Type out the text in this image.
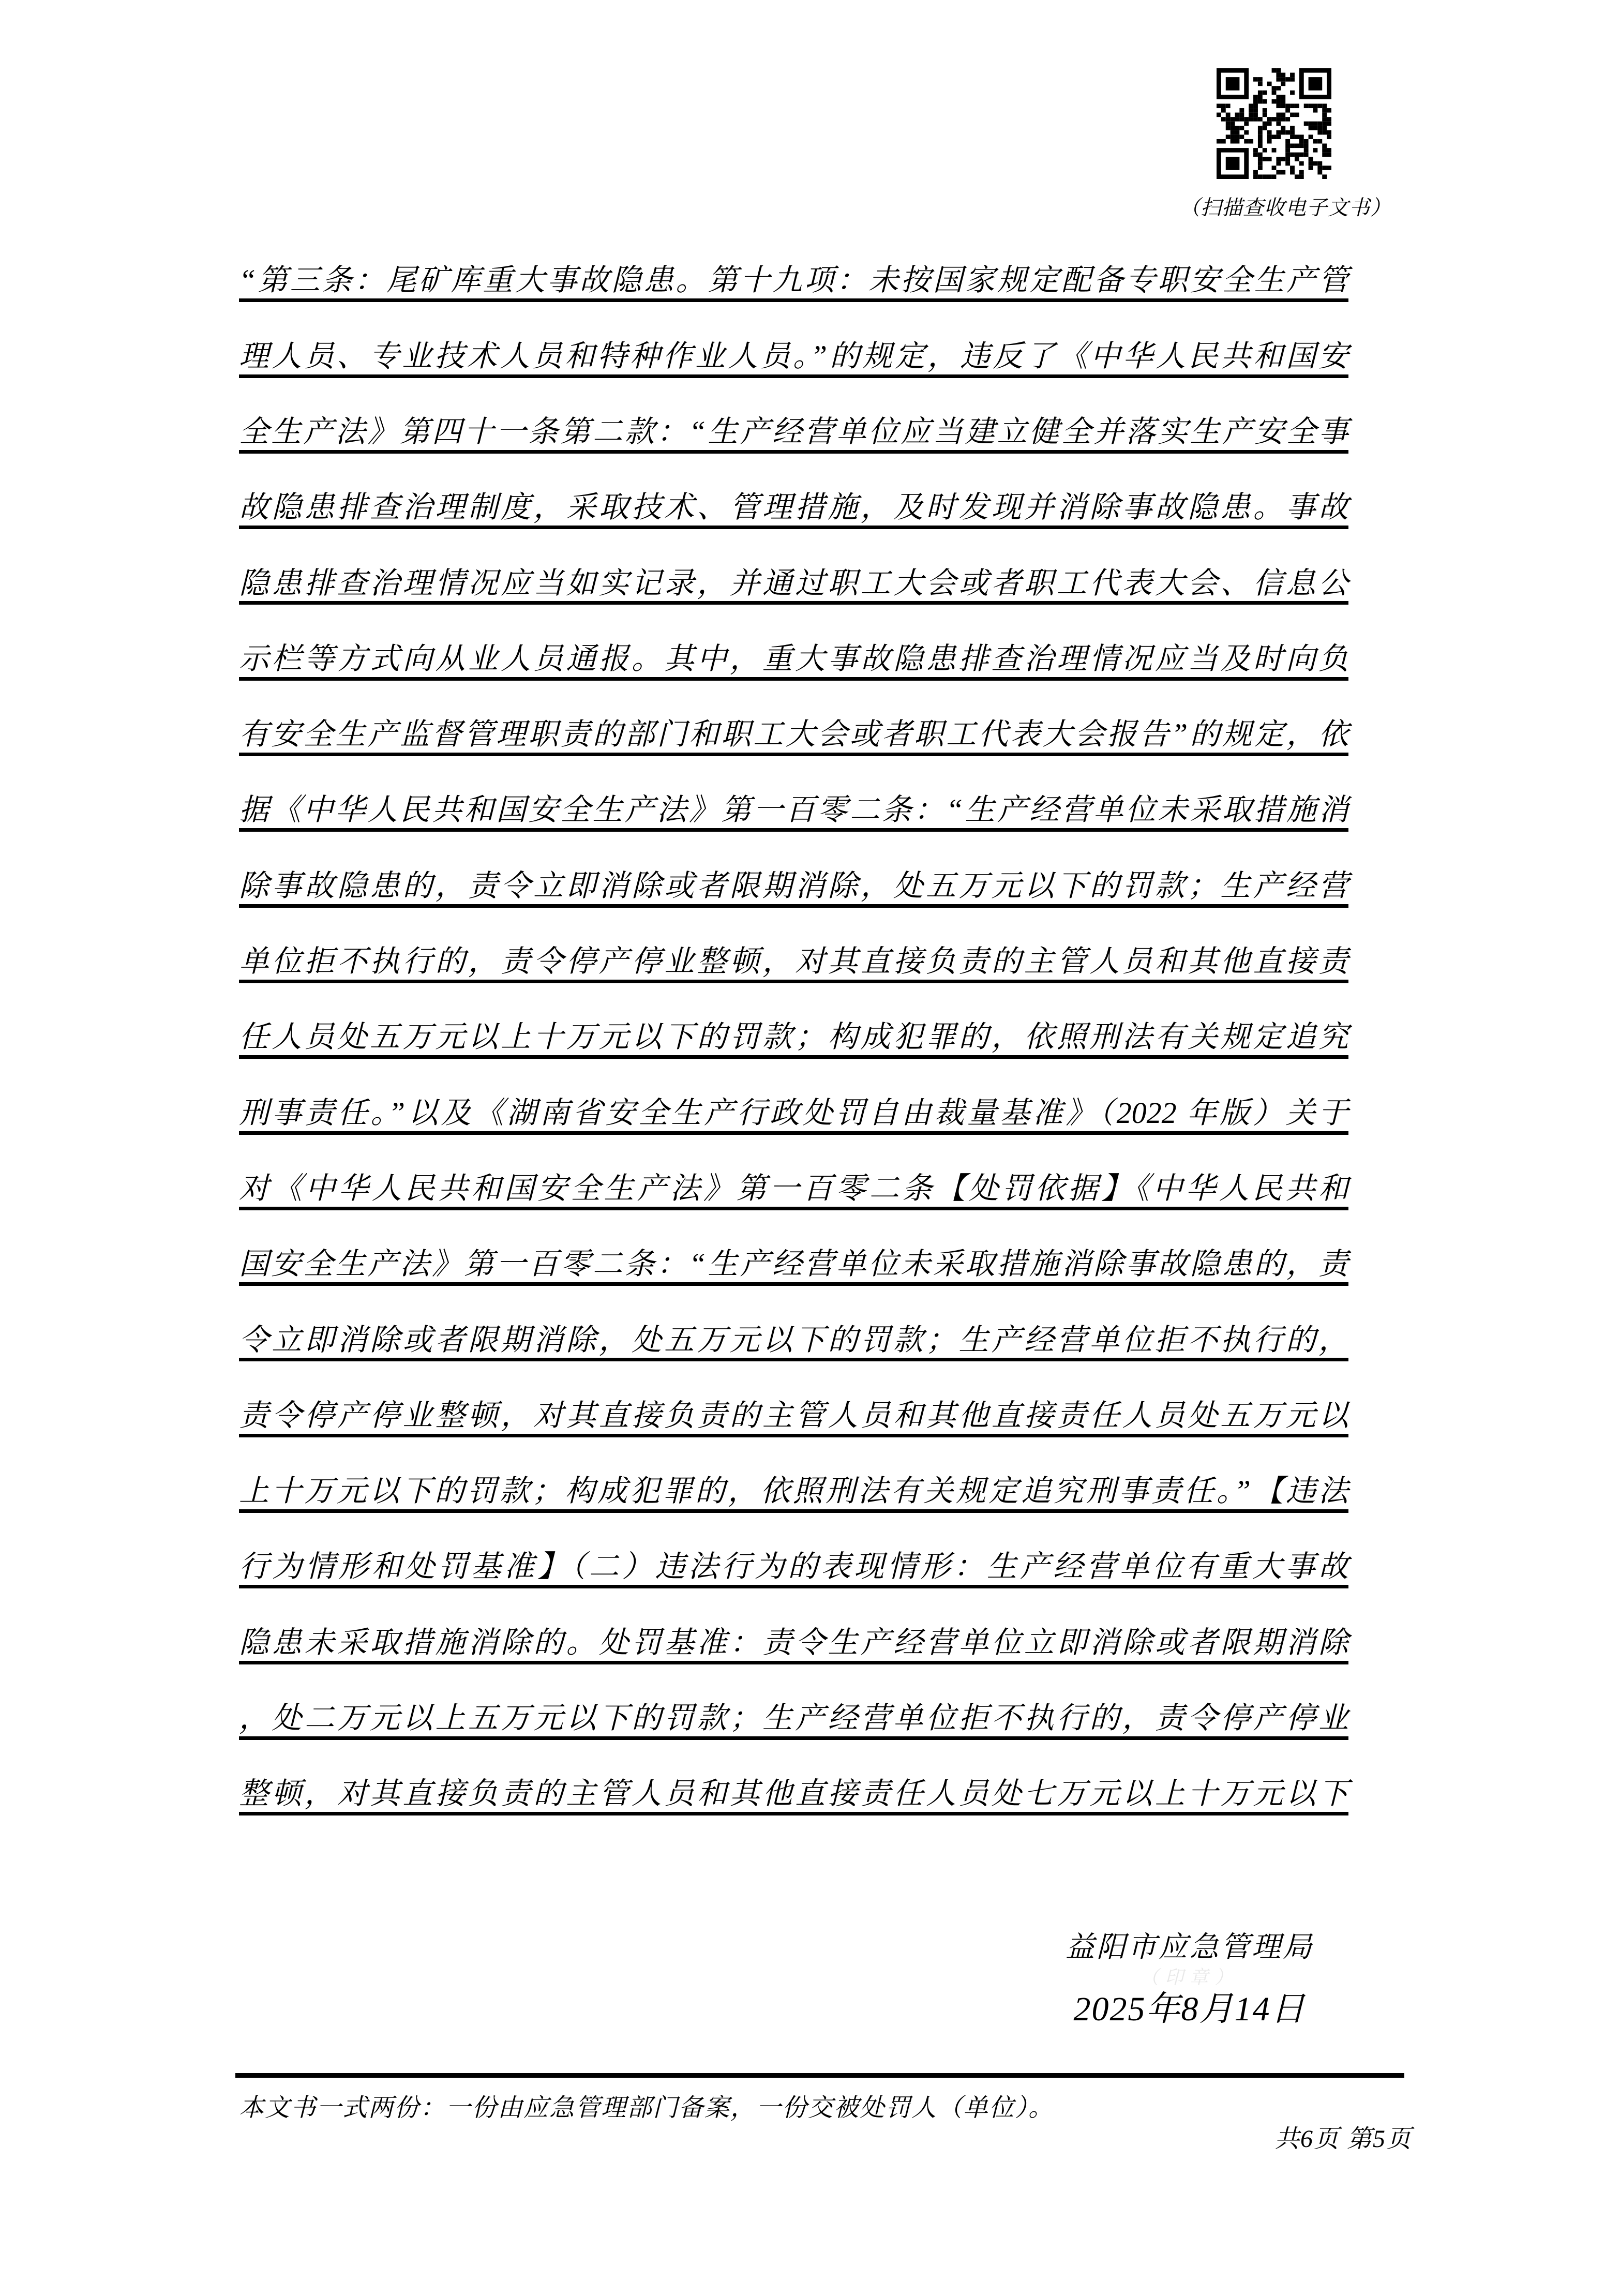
（扫描查收电子文书）
“第三条：尾矿库重大事故隐患。第十九项：未按国家规定配备专职安全生产管
理人员、专业技术人员和特种作业人员。”的规定，违反了《中华人民共和国安
全生产法》第四十一条第二款：“生产经营单位应当建立健全并落实生产安全事
故隐患排查治理制度，采取技术、管理措施，及时发现并消除事故隐患。事故
隐患排查治理情况应当如实记录，并通过职工大会或者职工代表大会、信息公
示栏等方式向从业人员通报。其中，重大事故隐患排查治理情况应当及时向负
有安全生产监督管理职责的部门和职工大会或者职工代表大会报告”的规定，依
据《中华人民共和国安全生产法》第一百零二条：“生产经营单位未采取措施消
除事故隐患的，责令立即消除或者限期消除，处五万元以下的罚款；生产经营
单位拒不执行的，责令停产停业整顿，对其直接负责的主管人员和其他直接责
任人员处五万元以上十万元以下的罚款；构成犯罪的，依照刑法有关规定追究
刑事责任。”以及《湖南省安全生产行政处罚自由裁量基准》（2022 年版）关于
对《中华人民共和国安全生产法》第一百零二条【处罚依据】《中华人民共和
国安全生产法》第一百零二条：“生产经营单位未采取措施消除事故隐患的，责
令立即消除或者限期消除，处五万元以下的罚款；生产经营单位拒不执行的，
责令停产停业整顿，对其直接负责的主管人员和其他直接责任人员处五万元以
上十万元以下的罚款；构成犯罪的，依照刑法有关规定追究刑事责任。”【违法
行为情形和处罚基准】（二）违法行为的表现情形：生产经营单位有重大事故
隐患未采取措施消除的。处罚基准：责令生产经营单位立即消除或者限期消除
，处二万元以上五万元以下的罚款；生产经营单位拒不执行的，责令停产停业
整顿，对其直接负责的主管人员和其他直接责任人员处七万元以上十万元以下
益阳市应急管理局
（印章）
2025年8月14日
本文书一式两份：一份由应急管理部门备案，一份交被处罚人（单位）。
共6页 第5页
